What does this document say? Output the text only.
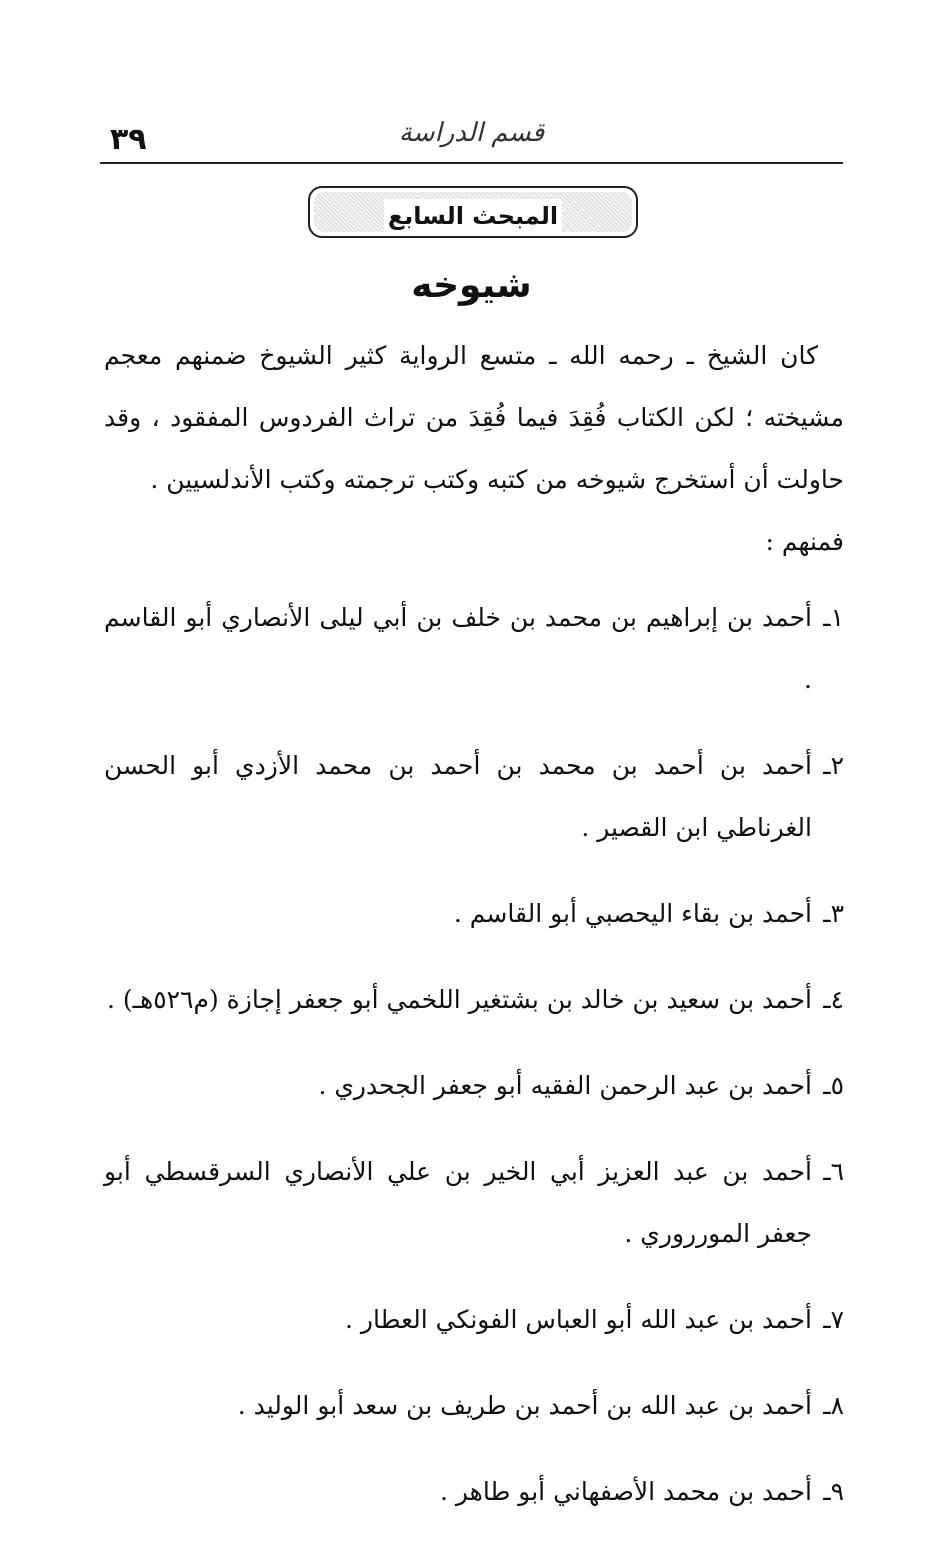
قسم الدراسة
٣٩
المبحث السابع
شيوخه

كان الشيخ ـ رحمه الله ـ متسع الرواية كثير الشيوخ ضمنهم معجم مشيخته ؛ لكن الكتاب فُقِدَ فيما فُقِدَ من تراث الفردوس المفقود ، وقد حاولت أن أستخرج شيوخه من كتبه وكتب ترجمته وكتب الأندلسيين .

فمنهم :

١ـأحمد بن إبراهيم بن محمد بن خلف بن أبي ليلى الأنصاري أبو القاسم .
٢ـأحمد بن أحمد بن محمد بن أحمد بن محمد الأزدي أبو الحسن الغرناطي ابن القصير .
٣ـأحمد بن بقاء اليحصبي أبو القاسم .
٤ـأحمد بن سعيد بن خالد بن بشتغير اللخمي أبو جعفر إجازة (م٥٢٦هـ) .
٥ـأحمد بن عبد الرحمن الفقيه أبو جعفر الجحدري .
٦ـأحمد بن عبد العزيز أبي الخير بن علي الأنصاري السرقسطي أبو جعفر المورروري .
٧ـأحمد بن عبد الله أبو العباس الفونكي العطار .
٨ـأحمد بن عبد الله بن أحمد بن طريف بن سعد أبو الوليد .
٩ـأحمد بن محمد الأصفهاني أبو طاهر .
